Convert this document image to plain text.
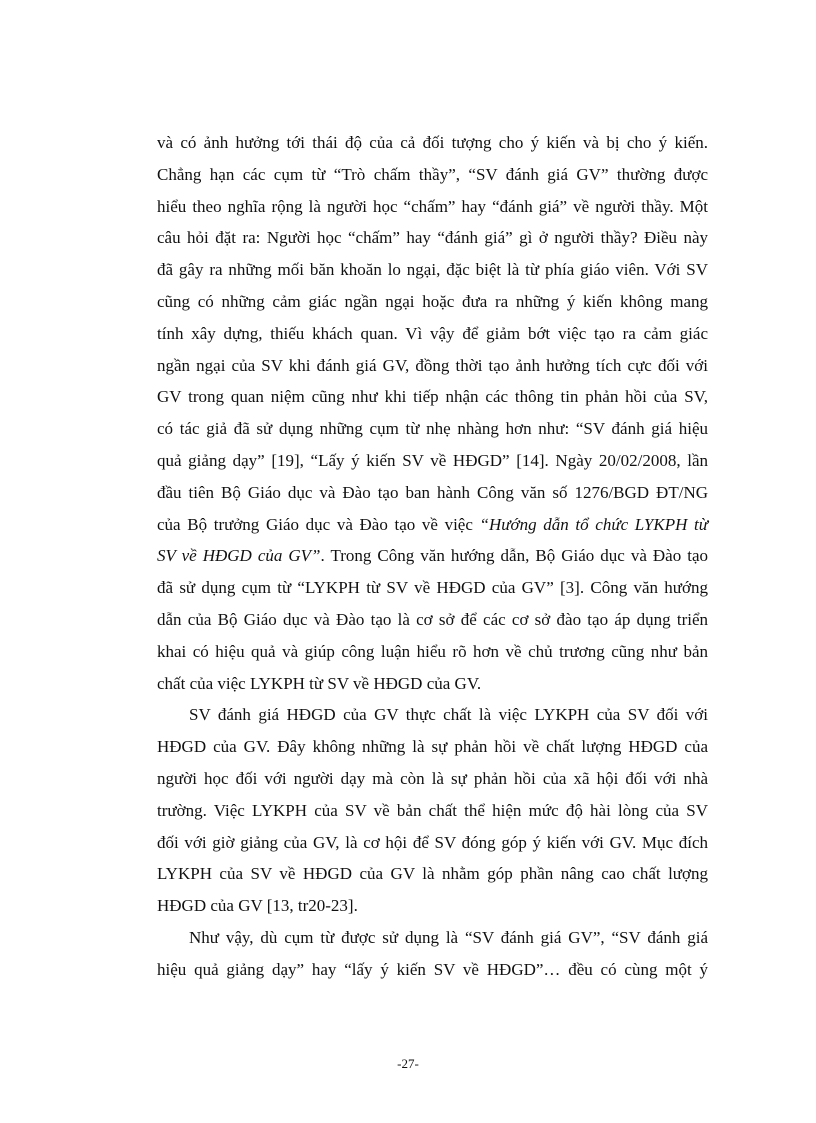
và có ảnh hưởng tới thái độ của cả đối tượng cho ý kiến và bị cho ý kiến.
Chẳng hạn các cụm từ “Trò chấm thầy”, “SV đánh giá GV” thường được
hiểu theo nghĩa rộng là người học “chấm” hay “đánh giá” về người thầy. Một
câu hỏi đặt ra: Người học “chấm” hay “đánh giá” gì ở người thầy? Điều này
đã gây ra những mối băn khoăn lo ngại, đặc biệt là từ phía giáo viên. Với SV
cũng có những cảm giác ngần ngại hoặc đưa ra những ý kiến không mang
tính xây dựng, thiếu khách quan. Vì vậy để giảm bớt việc tạo ra cảm giác
ngần ngại của SV khi đánh giá GV, đồng thời tạo ảnh hưởng tích cực đối với
GV trong quan niệm cũng như khi tiếp nhận các thông tin phản hồi của SV,
có tác giả đã sử dụng những cụm từ nhẹ nhàng hơn như: “SV đánh giá hiệu
quả giảng dạy” [19], “Lấy ý kiến SV về HĐGD” [14]. Ngày 20/02/2008, lần
đầu tiên Bộ Giáo dục và Đào tạo ban hành Công văn số 1276/BGD ĐT/NG
của Bộ trưởng Giáo dục và Đào tạo về việc “Hướng dẫn tổ chức LYKPH từ
SV về HĐGD của GV”. Trong Công văn hướng dẫn, Bộ Giáo dục và Đào tạo
đã sử dụng cụm từ “LYKPH từ SV về HĐGD của GV” [3]. Công văn hướng
dẫn của Bộ Giáo dục và Đào tạo là cơ sở để các cơ sở đào tạo áp dụng triển
khai có hiệu quả và giúp công luận hiểu rõ hơn về chủ trương cũng như bản
chất của việc LYKPH từ SV về HĐGD của GV.

SV đánh giá HĐGD của GV thực chất là việc LYKPH của SV đối với
HĐGD của GV. Đây không những là sự phản hồi về chất lượng HĐGD của
người học đối với người dạy mà còn là sự phản hồi của xã hội đối với nhà
trường. Việc LYKPH của SV về bản chất thể hiện mức độ hài lòng của SV
đối với giờ giảng của GV, là cơ hội để SV đóng góp ý kiến với GV. Mục đích
LYKPH của SV về HĐGD của GV là nhằm góp phần nâng cao chất lượng
HĐGD của GV [13, tr20-23].

Như vậy, dù cụm từ được sử dụng là “SV đánh giá GV”, “SV đánh giá
hiệu quả giảng dạy” hay “lấy ý kiến SV về HĐGD”… đều có cùng một ý

-27-
